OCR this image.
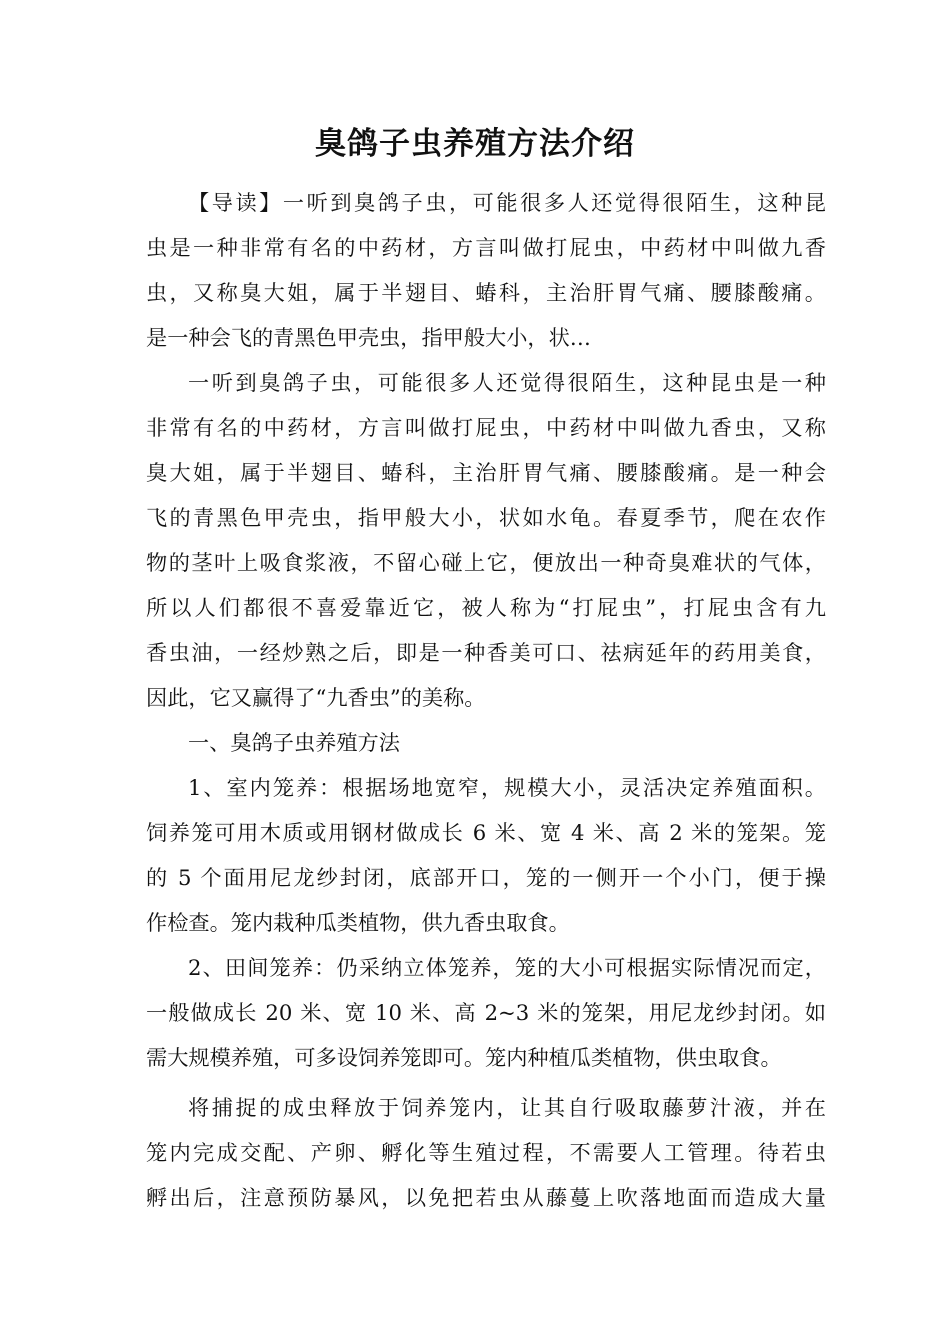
臭鸽子虫养殖方法介绍

【导读】一听到臭鸽子虫，可能很多人还觉得很陌生，这种昆

虫是一种非常有名的中药材，方言叫做打屁虫，中药材中叫做九香

虫，又称臭大姐，属于半翅目、蝽科，主治肝胃气痛、腰膝酸痛。

是一种会飞的青黑色甲壳虫，指甲般大小，状…

一听到臭鸽子虫，可能很多人还觉得很陌生，这种昆虫是一种

非常有名的中药材，方言叫做打屁虫，中药材中叫做九香虫，又称

臭大姐，属于半翅目、蝽科，主治肝胃气痛、腰膝酸痛。是一种会

飞的青黑色甲壳虫，指甲般大小，状如水龟。春夏季节，爬在农作

物的茎叶上吸食浆液，不留心碰上它，便放出一种奇臭难状的气体，

所以人们都很不喜爱靠近它，被人称为“打屁虫”，打屁虫含有九

香虫油，一经炒熟之后，即是一种香美可口、祛病延年的药用美食，

因此，它又赢得了“九香虫”的美称。

一、臭鸽子虫养殖方法

1、室内笼养：根据场地宽窄，规模大小，灵活决定养殖面积。

饲养笼可用木质或用钢材做成长 6 米、宽 4 米、高 2 米的笼架。笼

的 5 个面用尼龙纱封闭，底部开口，笼的一侧开一个小门，便于操

作检查。笼内栽种瓜类植物，供九香虫取食。

2、田间笼养：仍采纳立体笼养，笼的大小可根据实际情况而定，

一般做成长 20 米、宽 10 米、高 2~3 米的笼架，用尼龙纱封闭。如

需大规模养殖，可多设饲养笼即可。笼内种植瓜类植物，供虫取食。

将捕捉的成虫释放于饲养笼内，让其自行吸取藤萝汁液，并在

笼内完成交配、产卵、孵化等生殖过程，不需要人工管理。待若虫

孵出后，注意预防暴风，以免把若虫从藤蔓上吹落地面而造成大量
